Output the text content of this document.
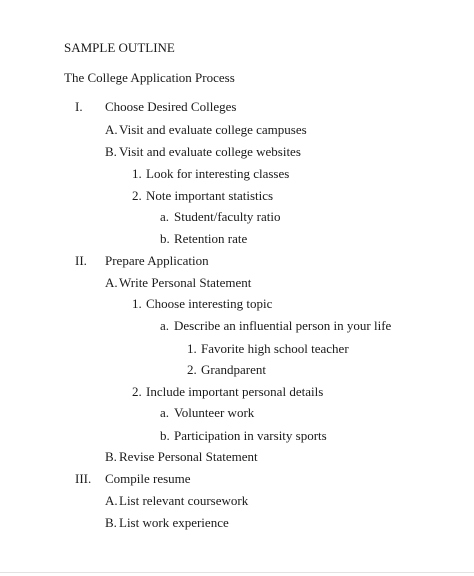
SAMPLE OUTLINE
The College Application Process
I. Choose Desired Colleges
A. Visit and evaluate college campuses
B. Visit and evaluate college websites
1. Look for interesting classes
2. Note important statistics
a. Student/faculty ratio
b. Retention rate
II. Prepare Application
A. Write Personal Statement
1. Choose interesting topic
a. Describe an influential person in your life
1. Favorite high school teacher
2. Grandparent
2. Include important personal details
a. Volunteer work
b. Participation in varsity sports
B. Revise Personal Statement
III. Compile resume
A. List relevant coursework
B. List work experience
